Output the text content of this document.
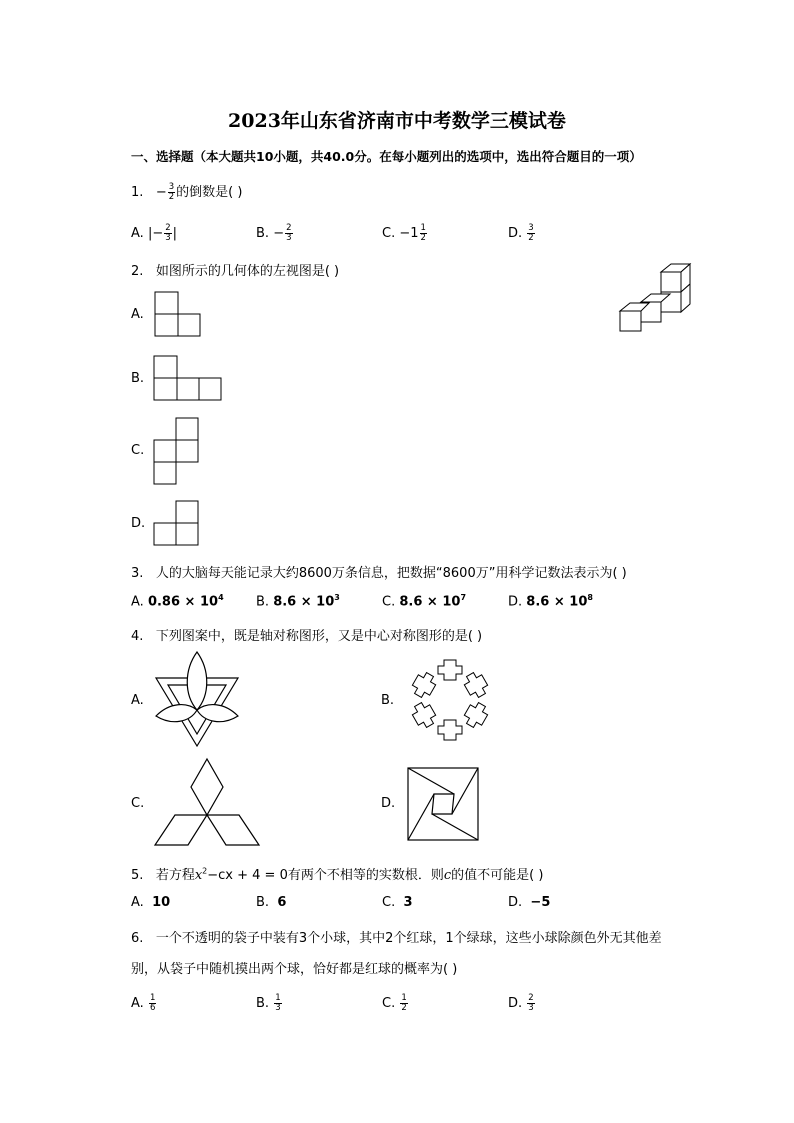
2023年山东省济南市中考数学三模试卷
一、选择题（本大题共10小题，共40.0分。在每小题列出的选项中，选出符合题目的一项）
1. − $\frac{3}{2}$ 的倒数是( )
A. |− $\frac{2}{3}$ |	B. − $\frac{2}{3}$	C. $-1 \frac{1}{2}$	D. $\frac{3}{2}$
2. 如图所示的几何体的左视图是( )
A.
B.
C.
D.
3. 人的大脑每天能记录大约8600万条信息，把数据“8600万”用科学记数法表示为( )
A. $0.86 \times 10^4$ B. $8.6 \times 10^3$	C. $8.6 \times 10^7$	D. $8.6 \times 10^8$
4. 下列图案中，既是轴对称图形，又是中心对称图形的是( )
A.	B.
C.	D.
5. 若方程$x^2-cx + 4 = 0$有两个不相等的实数根．则c的值不可能是( )
A. 10	B. 6	C. 3	D. −5
6. 一个不透明的袋子中装有3个小球，其中2个红球，1个绿球，这些小球除颜色外无其他差
别，从袋子中随机摸出两个球，恰好都是红球的概率为( )
A. $\frac{1}{6}$	B. $\frac{1}{3}$	C. $\frac{1}{2}$	D. $\frac{2}{3}$
